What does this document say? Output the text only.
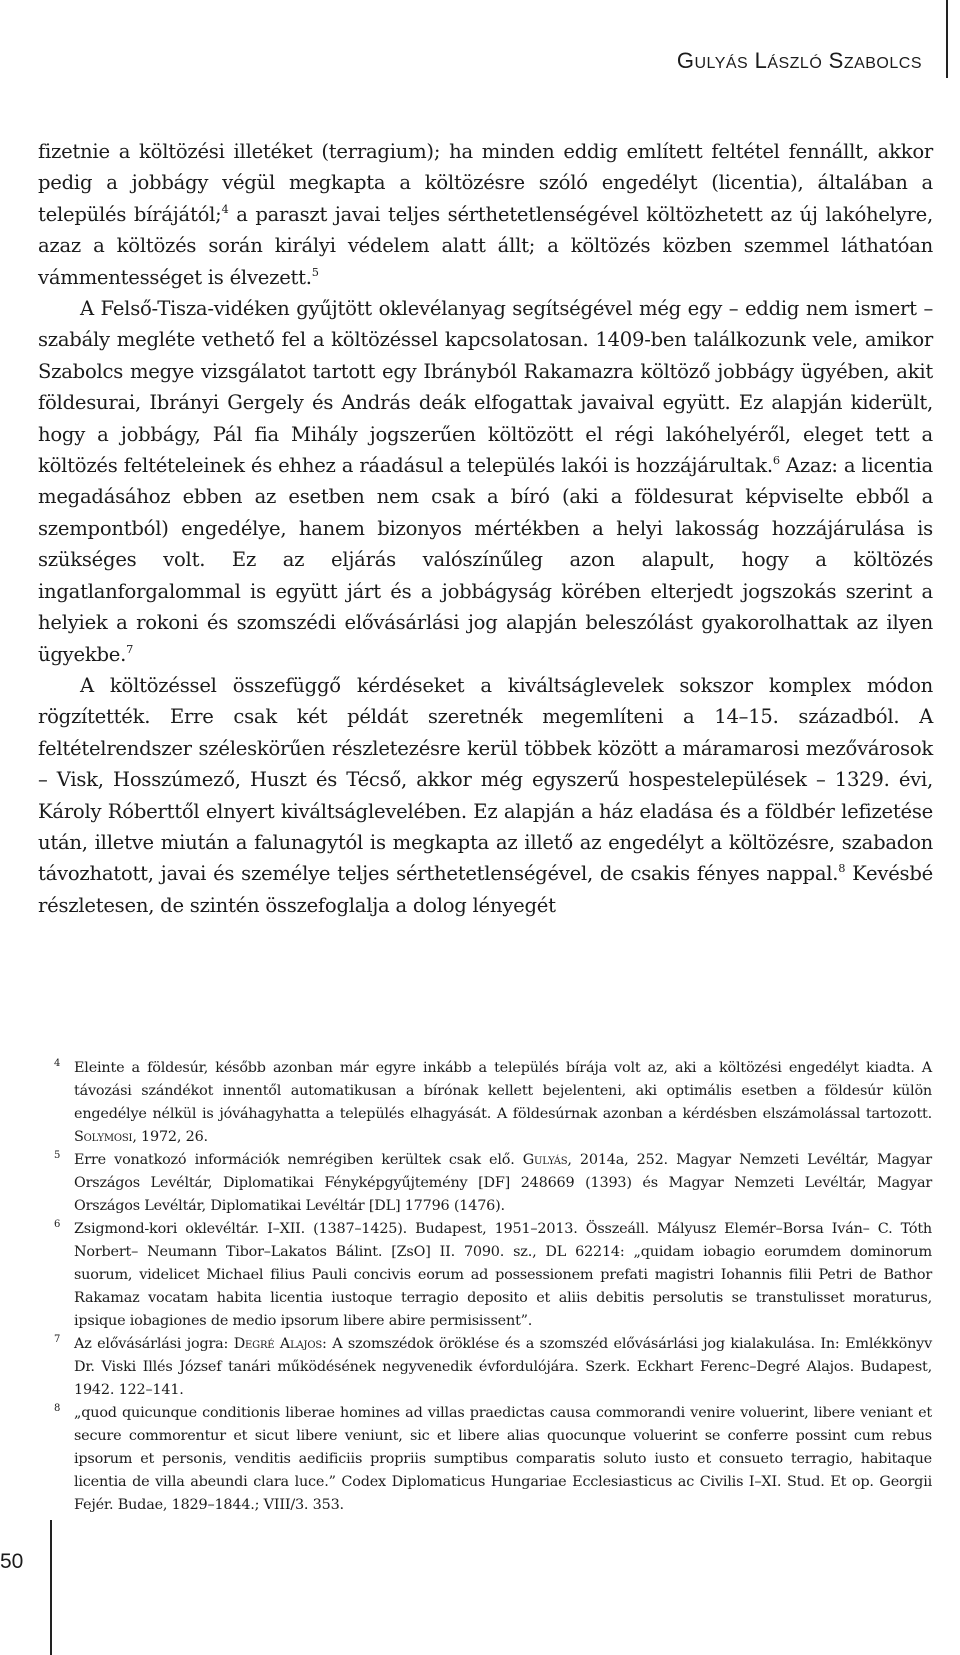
GULYÁS LÁSZLÓ SZABOLCS

fizetnie a költözési illetéket (terragium); ha minden eddig említett feltétel fennállt, akkor pedig a jobbágy végül megkapta a költözésre szóló engedélyt (licentia), általában a település bírájától;$^4$ a paraszt javai teljes sérthetetlenségével költözhetett az új lakóhelyre, azaz a költözés során királyi védelem alatt állt; a költözés közben szemmel láthatóan vámmentességet is élvezett.$^5$

A Felső-Tisza-vidéken gyűjtött oklevélanyag segítségével még egy – eddig nem ismert – szabály megléte vethető fel a költözéssel kapcsolatosan. 1409-ben találkozunk vele, amikor Szabolcs megye vizsgálatot tartott egy Ibrányból Rakamazra költöző jobbágy ügyében, akit földesurai, Ibrányi Gergely és András deák elfogattak javaival együtt. Ez alapján kiderült, hogy a jobbágy, Pál fia Mihály jogszerűen költözött el régi lakóhelyéről, eleget tett a költözés feltételeinek és ehhez a ráadásul a település lakói is hozzájárultak.$^6$ Azaz: a licentia megadásához ebben az esetben nem csak a bíró (aki a földesurat képviselte ebből a szempontból) engedélye, hanem bizonyos mértékben a helyi lakosság hozzájárulása is szükséges volt. Ez az eljárás valószínűleg azon alapult, hogy a költözés ingatlanforgalommal is együtt járt és a jobbágyság körében elterjedt jogszokás szerint a helyiek a rokoni és szomszédi elővásárlási jog alapján beleszólást gyakorolhattak az ilyen ügyekbe.$^7$

A költözéssel összefüggő kérdéseket a kiváltságlevelek sokszor komplex módon rögzítették. Erre csak két példát szeretnék megemlíteni a 14–15. századból. A feltételrendszer széleskörűen részletezésre kerül többek között a máramarosi mezővárosok – Visk, Hosszúmező, Huszt és Técső, akkor még egyszerű hospestelepülések – 1329. évi, Károly Róberttől elnyert kiváltságlevelében. Ez alapján a ház eladása és a földbér lefizetése után, illetve miután a falunagytól is megkapta az illető az engedélyt a költözésre, szabadon távozhatott, javai és személye teljes sérthetetlenségével, de csakis fényes nappal.$^8$ Kevésbé részletesen, de szintén összefoglalja a dolog lényegét

4 Eleinte a földesúr, később azonban már egyre inkább a település bírája volt az, aki a költözési engedélyt kiadta. A távozási szándékot innentől automatikusan a bírónak kellett bejelenteni, aki optimális esetben a földesúr külön engedélye nélkül is jóváhagyhatta a település elhagyását. A földesúrnak azonban a kérdésben elszámolással tartozott. Solymosi, 1972, 26.
5 Erre vonatkozó információk nemrégiben kerültek csak elő. Gulyás, 2014a, 252. Magyar Nemzeti Levéltár, Magyar Országos Levéltár, Diplomatikai Fényképgyűjtemény [DF] 248669 (1393) és Magyar Nemzeti Levéltár, Magyar Országos Levéltár, Diplomatikai Levéltár [DL] 17796 (1476).
6 Zsigmond-kori oklevéltár. I–XII. (1387–1425). Budapest, 1951–2013. Összeáll. Mályusz Elemér–Borsa Iván– C. Tóth Norbert– Neumann Tibor–Lakatos Bálint. [ZsO] II. 7090. sz., DL 62214: „quidam iobagio eorumdem dominorum suorum, videlicet Michael filius Pauli concivis eorum ad possessionem prefati magistri Iohannis filii Petri de Bathor Rakamaz vocatam habita licentia iustoque terragio deposito et aliis debitis persolutis se transtulisset moraturus, ipsique iobagiones de medio ipsorum libere abire permisissent”.
7 Az elővásárlási jogra: Degré Alajos: A szomszédok öröklése és a szomszéd elővásárlási jog kialakulása. In: Emlékkönyv Dr. Viski Illés József tanári működésének negyvenedik évfordulójára. Szerk. Eckhart Ferenc–Degré Alajos. Budapest, 1942. 122–141.
8 „quod quicunque conditionis liberae homines ad villas praedictas causa commorandi venire voluerint, libere veniant et secure commorentur et sicut libere veniunt, sic et libere alias quocunque voluerint se conferre possint cum rebus ipsorum et personis, venditis aedificiis propriis sumptibus comparatis soluto iusto et consueto terragio, habitaque licentia de villa abeundi clara luce.” Codex Diplomaticus Hungariae Ecclesiasticus ac Civilis I–XI. Stud. Et op. Georgii Fejér. Budae, 1829–1844.; VIII/3. 353.
50
